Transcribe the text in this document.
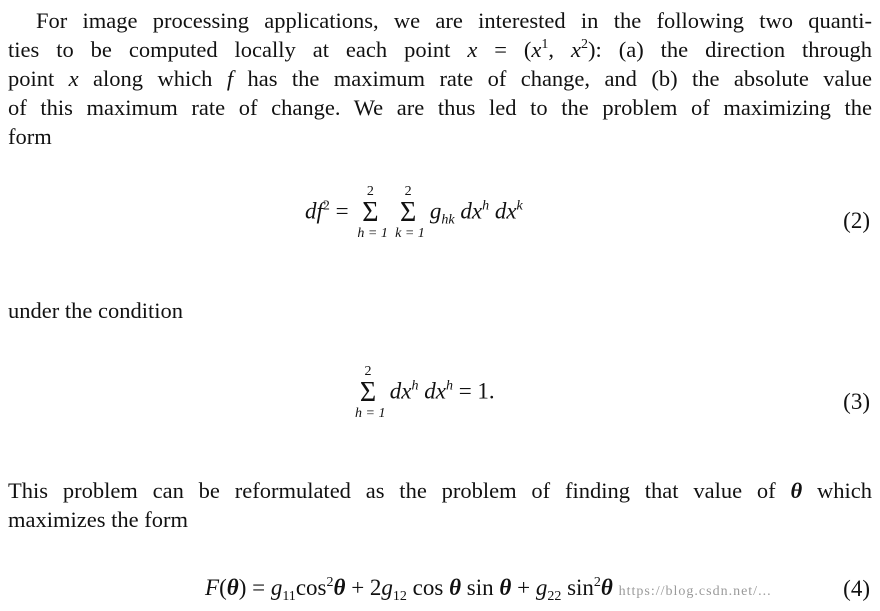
For image processing applications, we are interested in the following two quanti-
ties to be computed locally at each point $x = (x^1$, $x^2$): (a) the direction through
point x along which f has the maximum rate of change, and (b) the absolute value
of this maximum rate of change. We are thus led to the problem of maximizing the
form
$df^2$ =
2
Σ
h = 1

2
Σ
k = 1
$g_{hk}$ $dx^h$ $dx^k$
(2)
under the condition
2
Σ
h = 1
$dx^h$ $dx^h = 1$.	(3)
This problem can be reformulated as the problem of finding that value of θ which
maximizes the form
$F(\theta) = g_{11}\cos^2\theta + 2g_{12}$ cos θ $\sin \theta + g_{22}$ $\sin^2\theta$ https://blog.csdn.net/...	(4)
